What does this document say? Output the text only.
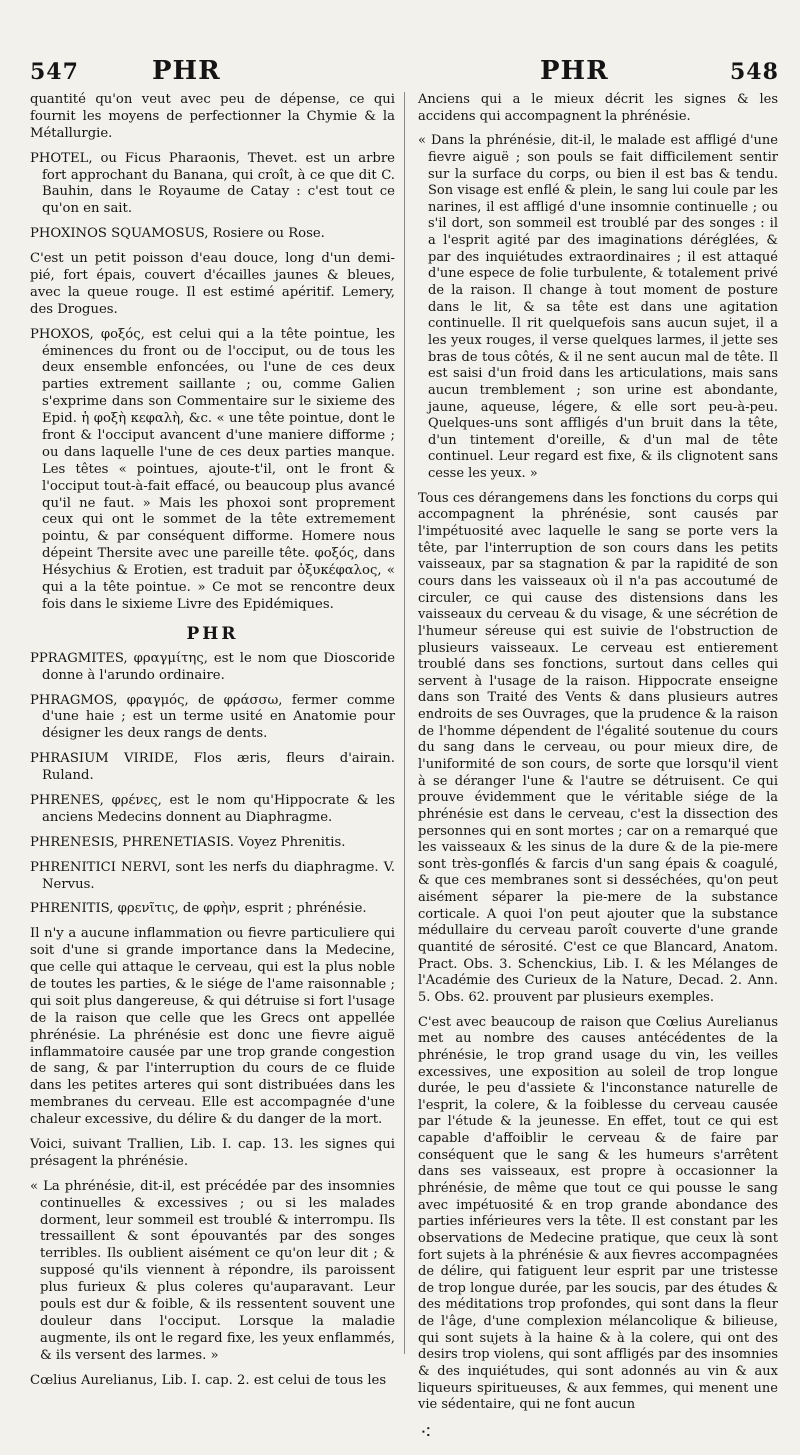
547	PHR	PHR	548

quantité qu'on veut avec peu de dépense, ce qui fournit les moyens de perfectionner la Chymie & la Métallurgie.

PHOTEL, ou Ficus Pharaonis, Thevet. est un arbre fort approchant du Banana, qui croît, à ce que dit C. Bauhin, dans le Royaume de Catay : c'est tout ce qu'on en sait.

PHOXINOS SQUAMOSUS, Rosiere ou Rose.

C'est un petit poisson d'eau douce, long d'un demi-pié, fort épais, couvert d'écailles jaunes & bleues, avec la queue rouge. Il est estimé apéritif. Lemery, des Drogues.

PHOXOS, φοξός, est celui qui a la tête pointue, les éminences du front ou de l'occiput, ou de tous les deux ensemble enfoncées, ou l'une de ces deux parties extrement saillante ; ou, comme Galien s'exprime dans son Commentaire sur le sixieme des Epid. ἡ φοξὴ κεφαλὴ, &c. « une tête pointue, dont le front & l'occiput avancent d'une maniere difforme ; ou dans laquelle l'une de ces deux parties manque. Les têtes « pointues, ajoute-t'il, ont le front & l'occiput tout-à-fait effacé, ou beaucoup plus avancé qu'il ne faut. » Mais les phoxoi sont proprement ceux qui ont le sommet de la tête extremement pointu, & par conséquent difforme. Homere nous dépeint Thersite avec une pareille tête. φοξός, dans Hésychius & Erotien, est traduit par ὀξυκέφαλος, « qui a la tête pointue. » Ce mot se rencontre deux fois dans le sixieme Livre des Epidémiques.

PHR

PPRAGMITES, φραγμίτης, est le nom que Dioscoride donne à l'arundo ordinaire.

PHRAGMOS, φραγμός, de φράσσω, fermer comme d'une haie ; est un terme usité en Anatomie pour désigner les deux rangs de dents.

PHRASIUM VIRIDE, Flos æris, fleurs d'airain. Ruland.

PHRENES, φρένες, est le nom qu'Hippocrate & les anciens Medecins donnent au Diaphragme.

PHRENESIS, PHRENETIASIS. Voyez Phrenitis.

PHRENITICI NERVI, sont les nerfs du diaphragme. V. Nervus.

PHRENITIS, φρενῖτις, de φρὴν, esprit ; phrénésie.

Il n'y a aucune inflammation ou fievre particuliere qui soit d'une si grande importance dans la Medecine, que celle qui attaque le cerveau, qui est la plus noble de toutes les parties, & le siége de l'ame raisonnable ; qui soit plus dangereuse, & qui détruise si fort l'usage de la raison que celle que les Grecs ont appellée phrénésie. La phrénésie est donc une fievre aiguë inflammatoire causée par une trop grande congestion de sang, & par l'interruption du cours de ce fluide dans les petites arteres qui sont distribuées dans les membranes du cerveau. Elle est accompagnée d'une chaleur excessive, du délire & du danger de la mort.

Voici, suivant Trallien, Lib. I. cap. 13. les signes qui présagent la phrénésie.

« La phrénésie, dit-il, est précédée par des insomnies continuelles & excessives ; ou si les malades dorment, leur sommeil est troublé & interrompu. Ils tressaillent & sont épouvantés par des songes terribles. Ils oublient aisément ce qu'on leur dit ; & supposé qu'ils viennent à répondre, ils paroissent plus furieux & plus coleres qu'auparavant. Leur pouls est dur & foible, & ils ressentent souvent une douleur dans l'occiput. Lorsque la maladie augmente, ils ont le regard fixe, les yeux enflammés, & ils versent des larmes. »

Cœlius Aurelianus, Lib. I. cap. 2. est celui de tous les

Anciens qui a le mieux décrit les signes & les accidens qui accompagnent la phrénésie.

« Dans la phrénésie, dit-il, le malade est affligé d'une fievre aiguë ; son pouls se fait difficilement sentir sur la surface du corps, ou bien il est bas & tendu. Son visage est enflé & plein, le sang lui coule par les narines, il est affligé d'une insomnie continuelle ; ou s'il dort, son sommeil est troublé par des songes : il a l'esprit agité par des imaginations déréglées, & par des inquiétudes extraordinaires ; il est attaqué d'une espece de folie turbulente, & totalement privé de la raison. Il change à tout moment de posture dans le lit, & sa tête est dans une agitation continuelle. Il rit quelquefois sans aucun sujet, il a les yeux rouges, il verse quelques larmes, il jette ses bras de tous côtés, & il ne sent aucun mal de tête. Il est saisi d'un froid dans les articulations, mais sans aucun tremblement ; son urine est abondante, jaune, aqueuse, légere, & elle sort peu-à-peu. Quelques-uns sont affligés d'un bruit dans la tête, d'un tintement d'oreille, & d'un mal de tête continuel. Leur regard est fixe, & ils clignotent sans cesse les yeux. »

Tous ces dérangemens dans les fonctions du corps qui accompagnent la phrénésie, sont causés par l'impétuosité avec laquelle le sang se porte vers la tête, par l'interruption de son cours dans les petits vaisseaux, par sa stagnation & par la rapidité de son cours dans les vaisseaux où il n'a pas accoutumé de circuler, ce qui cause des distensions dans les vaisseaux du cerveau & du visage, & une sécrétion de l'humeur séreuse qui est suivie de l'obstruction de plusieurs vaisseaux. Le cerveau est entierement troublé dans ses fonctions, surtout dans celles qui servent à l'usage de la raison. Hippocrate enseigne dans son Traité des Vents & dans plusieurs autres endroits de ses Ouvrages, que la prudence & la raison de l'homme dépendent de l'égalité soutenue du cours du sang dans le cerveau, ou pour mieux dire, de l'uniformité de son cours, de sorte que lorsqu'il vient à se déranger l'une & l'autre se détruisent. Ce qui prouve évidemment que le véritable siége de la phrénésie est dans le cerveau, c'est la dissection des personnes qui en sont mortes ; car on a remarqué que les vaisseaux & les sinus de la dure & de la pie-mere sont très-gonflés & farcis d'un sang épais & coagulé, & que ces membranes sont si desséchées, qu'on peut aisément séparer la pie-mere de la substance corticale. A quoi l'on peut ajouter que la substance médullaire du cerveau paroît couverte d'une grande quantité de sérosité. C'est ce que Blancard, Anatom. Pract. Obs. 3. Schenckius, Lib. I. & les Mélanges de l'Académie des Curieux de la Nature, Decad. 2. Ann. 5. Obs. 62. prouvent par plusieurs exemples.

C'est avec beaucoup de raison que Cœlius Aurelianus met au nombre des causes antécédentes de la phrénésie, le trop grand usage du vin, les veilles excessives, une exposition au soleil de trop longue durée, le peu d'assiete & l'inconstance naturelle de l'esprit, la colere, & la foiblesse du cerveau causée par l'étude & la jeunesse. En effet, tout ce qui est capable d'affoiblir le cerveau & de faire par conséquent que le sang & les humeurs s'arrêtent dans ses vaisseaux, est propre à occasionner la phrénésie, de même que tout ce qui pousse le sang avec impétuosité & en trop grande abondance des parties inférieures vers la tête. Il est constant par les observations de Medecine pratique, que ceux là sont fort sujets à la phrénésie & aux fievres accompagnées de délire, qui fatiguent leur esprit par une tristesse de trop longue durée, par les soucis, par des études & des méditations trop profondes, qui sont dans la fleur de l'âge, d'une complexion mélancolique & bilieuse, qui sont sujets à la haine & à la colere, qui ont des desirs trop violens, qui sont affligés par des insomnies & des inquiétudes, qui sont adonnés au vin & aux liqueurs spiritueuses, & aux femmes, qui menent une vie sédentaire, qui ne font aucun

⁖
